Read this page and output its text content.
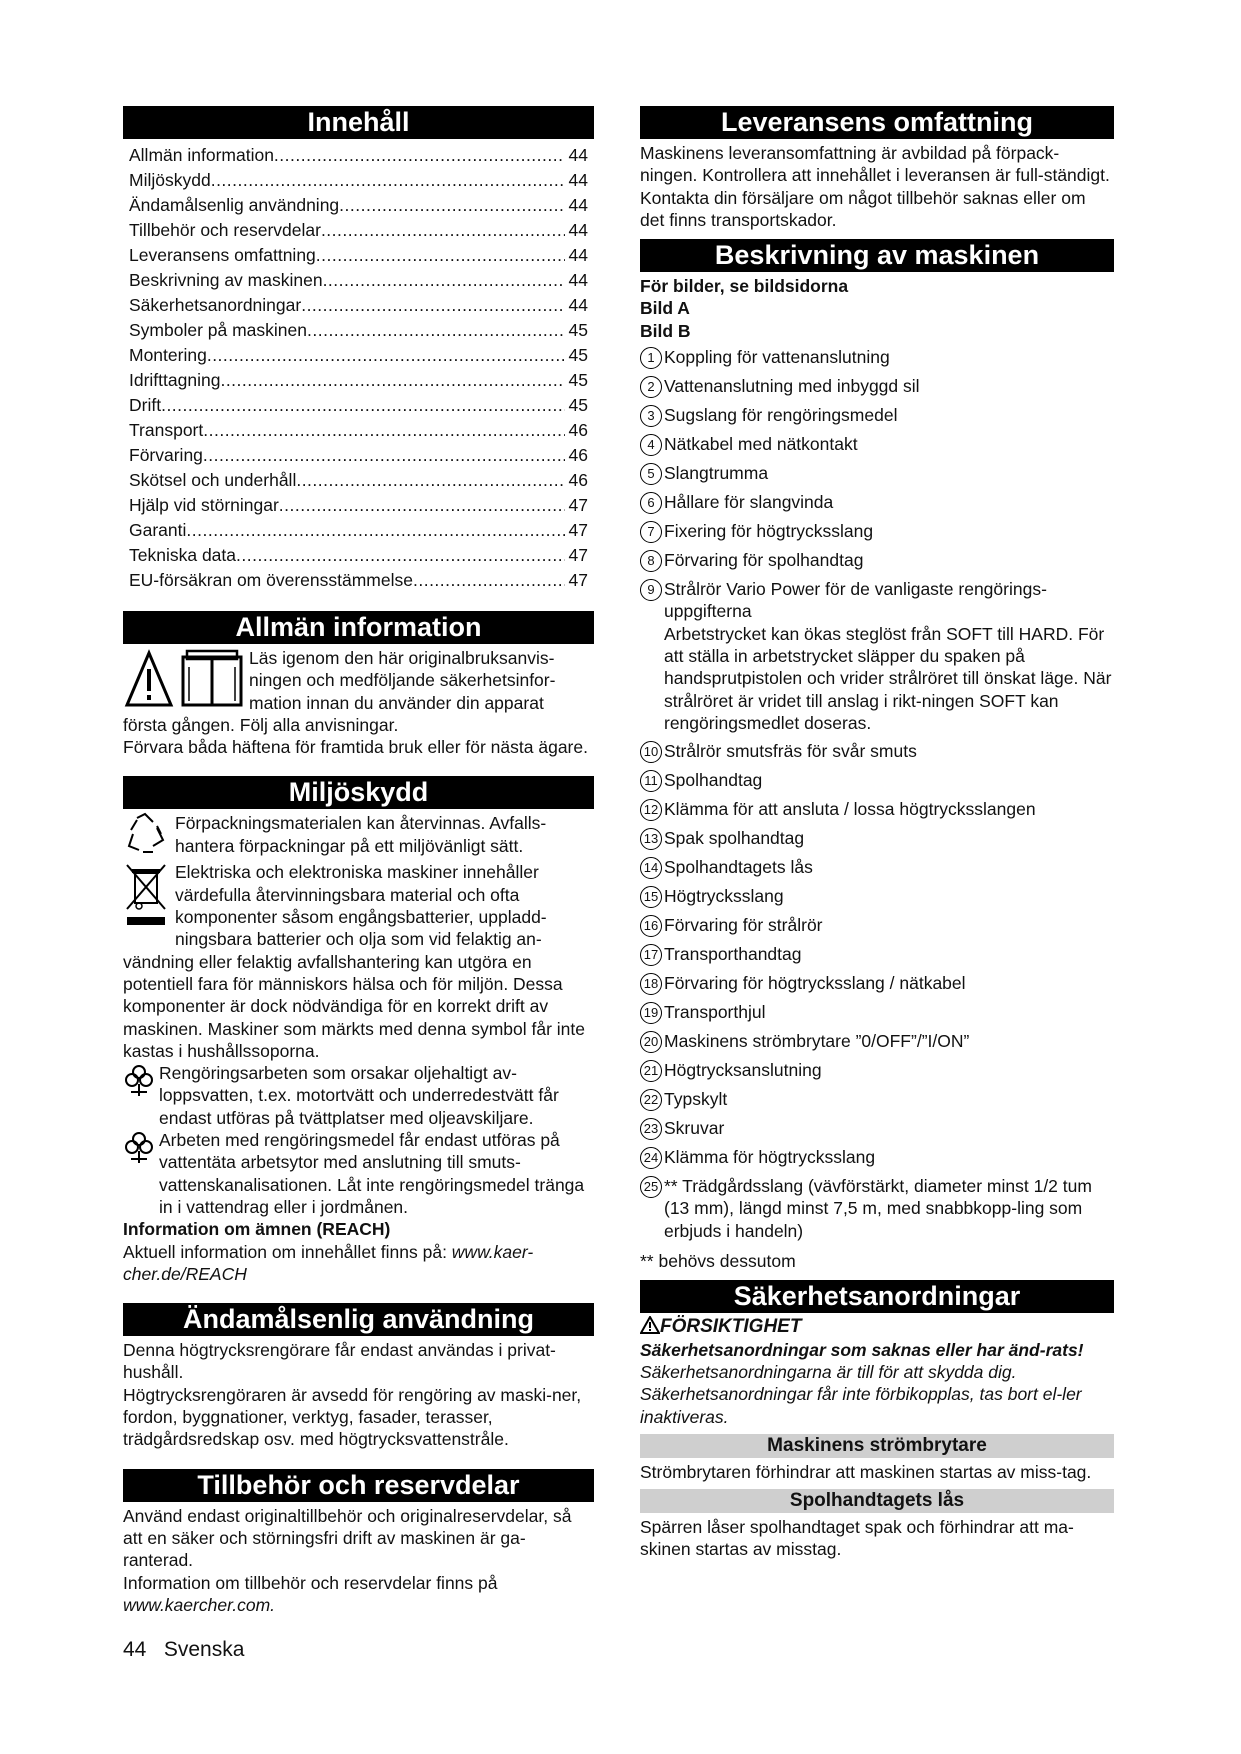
Innehåll
Allmän information .....	44
Miljöskydd .....	44
Ändamålsenlig användning .....	44
Tillbehör och reservdelar .....	44
Leveransens omfattning .....	44
Beskrivning av maskinen .....	44
Säkerhetsanordningar .....	44
Symboler på maskinen .....	45
Montering .....	45
Idrifttagning .....	45
Drift .....	45
Transport .....	46
Förvaring .....	46
Skötsel och underhåll .....	46
Hjälp vid störningar .....	47
Garanti .....	47
Tekniska data .....	47
EU-försäkran om överensstämmelse .....	47
Allmän information

Läs igenom den här originalbruksanvis-ningen och medföljande säkerhetsinfor-mation innan du använder din apparat

första gången. Följ alla anvisningar.

Förvara båda häftena för framtida bruk eller för nästa ägare.

Miljöskydd

Förpackningsmaterialen kan återvinnas. Avfalls-hantera förpackningar på ett miljövänligt sätt.

Elektriska och elektroniska maskiner innehåller värdefulla återvinningsbara material och ofta komponenter såsom engångsbatterier, uppladd-ningsbara batterier och olja som vid felaktig an-

vändning eller felaktig avfallshantering kan utgöra en potentiell fara för människors hälsa och för miljön. Dessa komponenter är dock nödvändiga för en korrekt drift av maskinen. Maskiner som märkts med denna symbol får inte kastas i hushållssoporna.

Rengöringsarbeten som orsakar oljehaltigt av-loppsvatten, t.ex. motortvätt och underredestvätt får endast utföras på tvättplatser med oljeavskiljare.

Arbeten med rengöringsmedel får endast utföras på vattentäta arbetsytor med anslutning till smuts-vattenskanalisationen. Låt inte rengöringsmedel tränga in i vattendrag eller i jordmånen.

Information om ämnen (REACH)

Aktuell information om innehållet finns på: www.kaer-cher.de/REACH

Ändamålsenlig användning

Denna högtrycksrengörare får endast användas i privat-hushåll.

Högtrycksrengöraren är avsedd för rengöring av maski-ner, fordon, byggnationer, verktyg, fasader, terasser, trädgårdsredskap osv. med högtrycksvattenstråle.

Tillbehör och reservdelar

Använd endast originaltillbehör och originalreservdelar, så att en säker och störningsfri drift av maskinen är ga-ranterad.

Information om tillbehör och reservdelar finns på

www.kaercher.com.

Leveransens omfattning

Maskinens leveransomfattning är avbildad på förpack-ningen. Kontrollera att innehållet i leveransen är full-ständigt. Kontakta din försäljare om något tillbehör saknas eller om det finns transportskador.

Beskrivning av maskinen

För bilder, se bildsidorna

Bild A

Bild B

1 Koppling för vattenanslutning
2 Vattenanslutning med inbyggd sil
3 Sugslang för rengöringsmedel
4 Nätkabel med nätkontakt
5 Slangtrumma
6 Hållare för slangvinda
7 Fixering för högtrycksslang
8 Förvaring för spolhandtag
9 Strålrör Vario Power för de vanligaste rengörings-uppgifterna
Arbetstrycket kan ökas steglöst från SOFT till HARD. För att ställa in arbetstrycket släpper du spaken på handsprutpistolen och vrider strålröret till önskat läge. När strålröret är vridet till anslag i rikt-ningen SOFT kan rengöringsmedlet doseras.
10 Strålrör smutsfräs för svår smuts
11 Spolhandtag
12 Klämma för att ansluta / lossa högtrycksslangen
13 Spak spolhandtag
14 Spolhandtagets lås
15 Högtrycksslang
16 Förvaring för strålrör
17 Transporthandtag
18 Förvaring för högtrycksslang / nätkabel
19 Transporthjul
20 Maskinens strömbrytare ”0/OFF”/”I/ON”
21 Högtrycksanslutning
22 Typskylt
23 Skruvar
24 Klämma för högtrycksslang
25 ** Trädgårdsslang (vävförstärkt, diameter minst 1/2 tum (13 mm), längd minst 7,5 m, med snabbkopp-ling som erbjuds i handeln)

** behövs dessutom

Säkerhetsanordningar

FÖRSIKTIGHET

Säkerhetsanordningar som saknas eller har änd-rats!

Säkerhetsanordningarna är till för att skydda dig. Säkerhetsanordningar får inte förbikopplas, tas bort el-ler inaktiveras.

Maskinens strömbrytare

Strömbrytaren förhindrar att maskinen startas av miss-tag.

Spolhandtagets lås

Spärren låser spolhandtaget spak och förhindrar att ma-skinen startas av misstag.

44 Svenska
